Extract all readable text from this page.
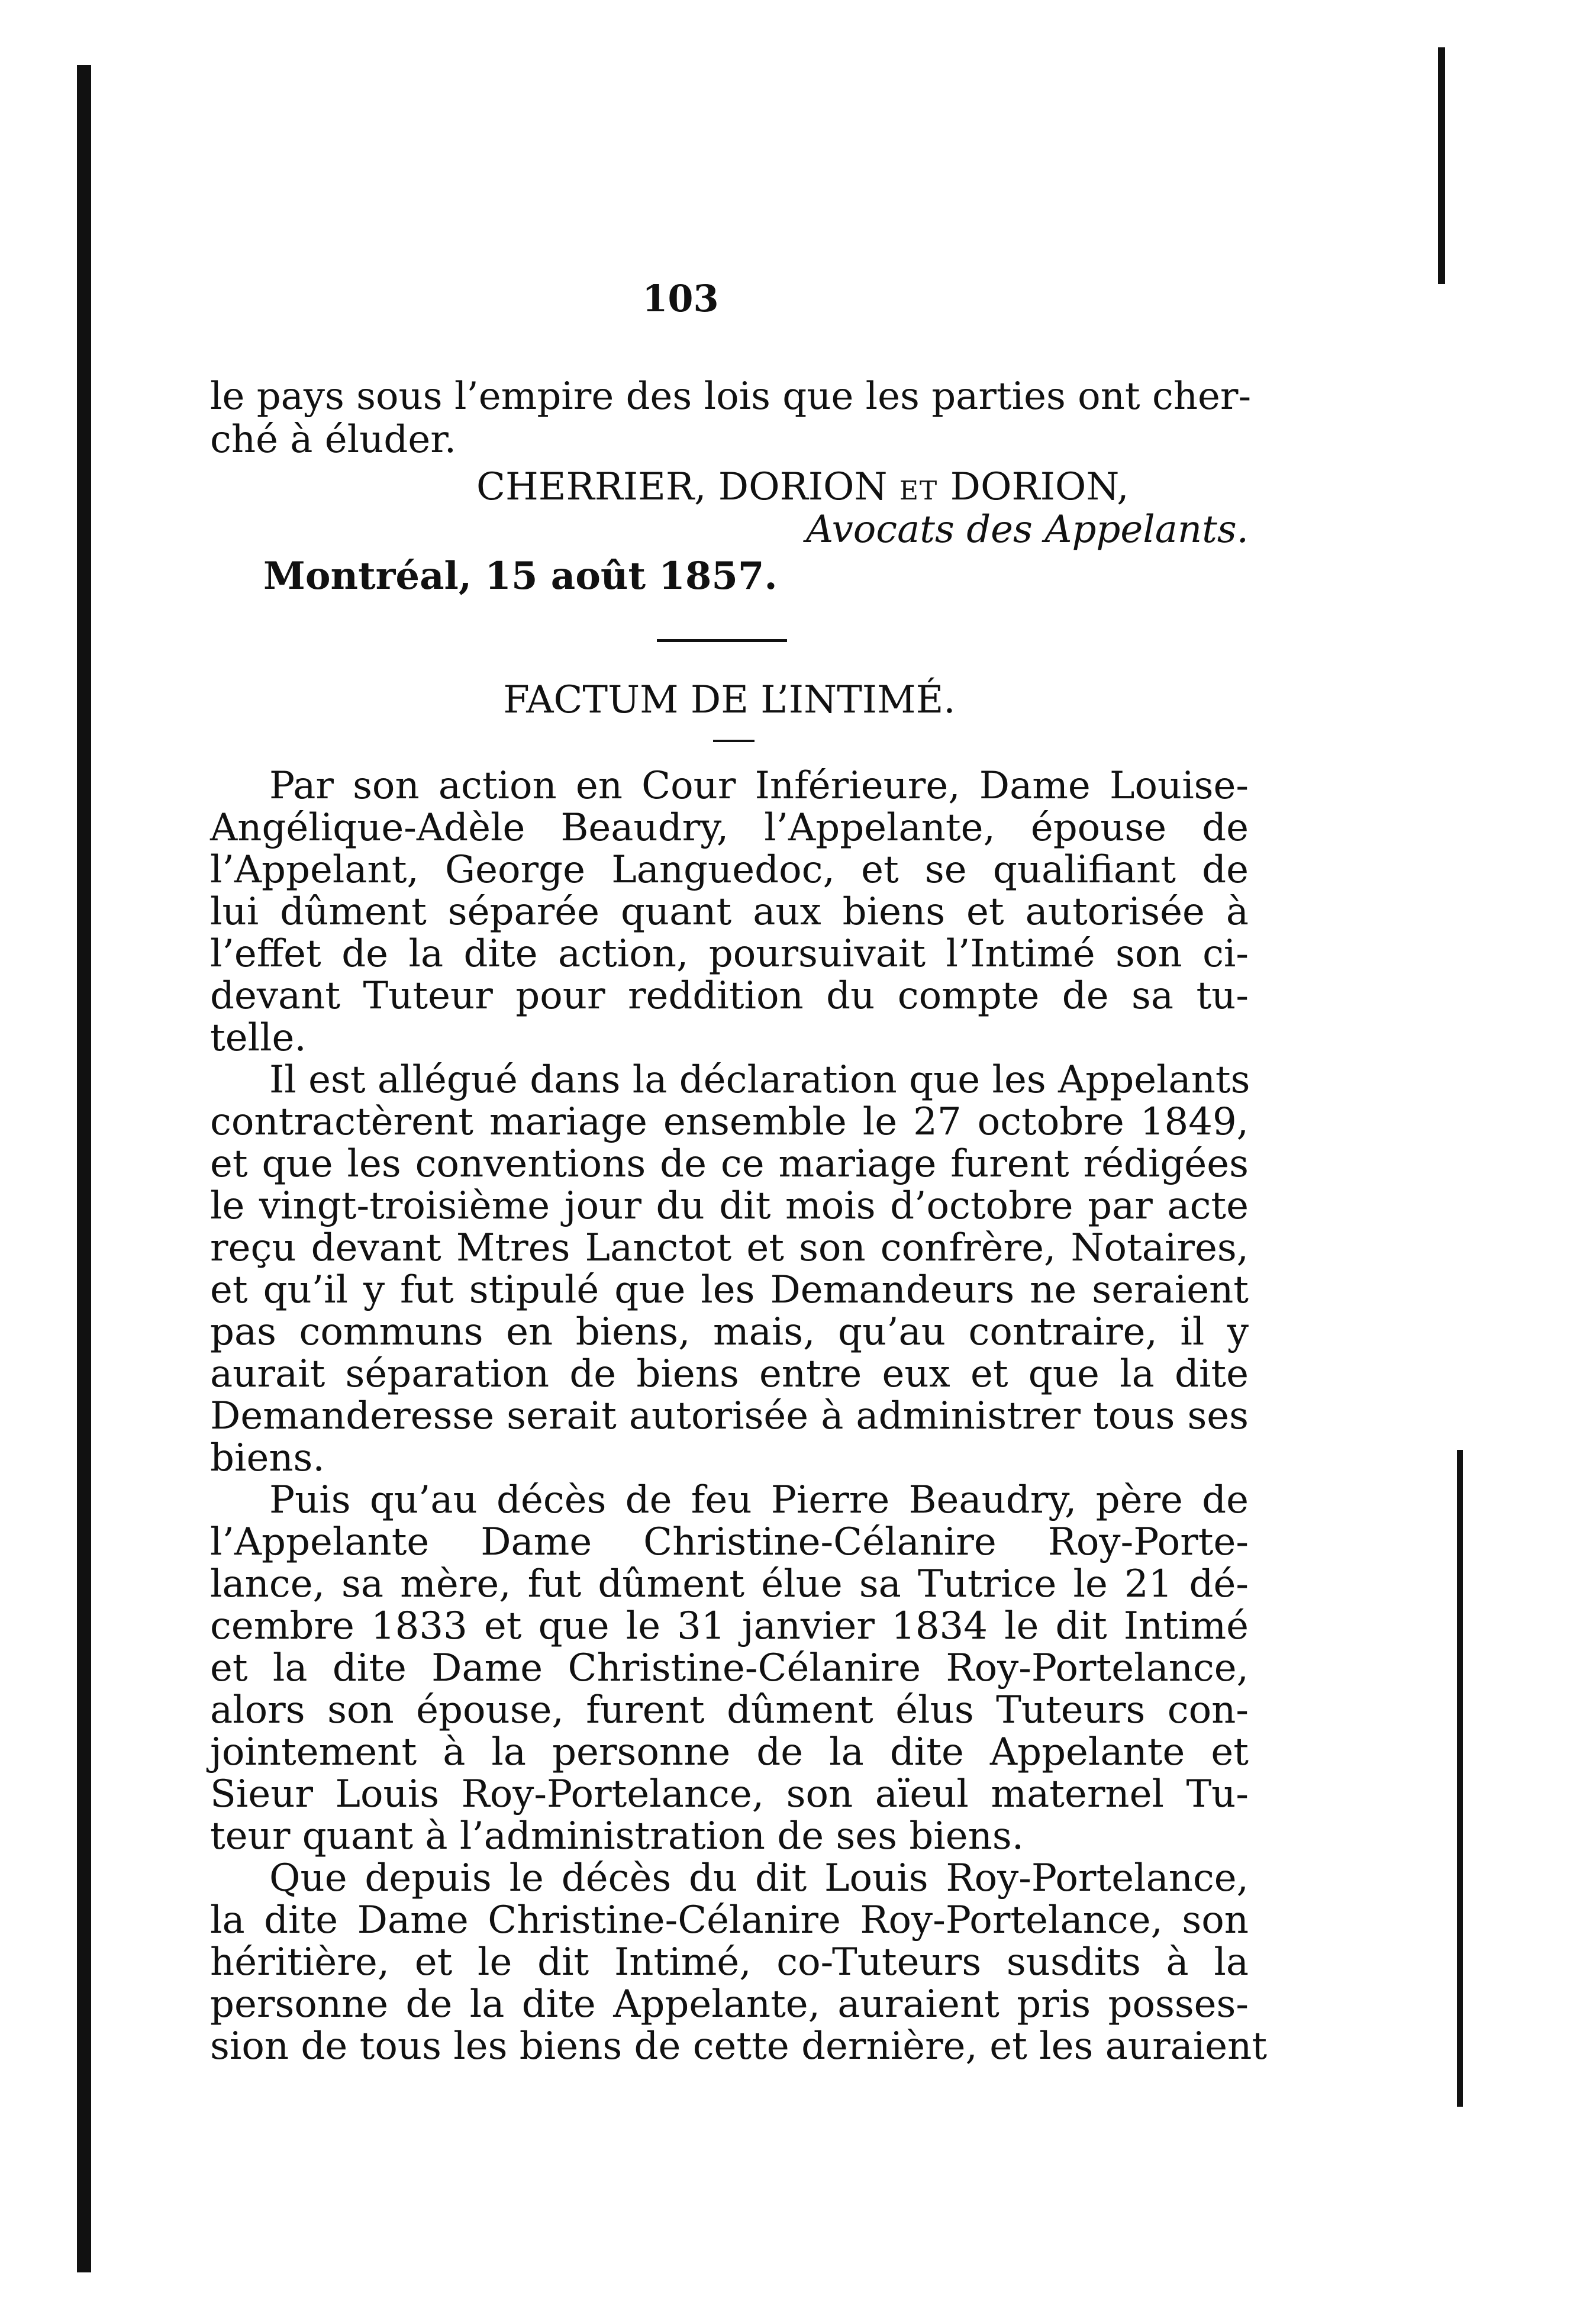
103
le pays sous l’empire des lois que les parties ont cher-
ché à éluder.
CHERRIER, DORION ET DORION,
Avocats des Appelants.
Montréal, 15 août 1857.
FACTUM DE L’INTIMÉ.
Par son action en Cour Inférieure, Dame Louise-
Angélique-Adèle Beaudry, l’Appelante, épouse de
l’Appelant, George Languedoc, et se qualifiant de
lui dûment séparée quant aux biens et autorisée à
l’effet de la dite action, poursuivait l’Intimé son ci-
devant Tuteur pour reddition du compte de sa tu-
telle.
Il est allégué dans la déclaration que les Appelants
contractèrent mariage ensemble le 27 octobre 1849,
et que les conventions de ce mariage furent rédigées
le vingt-troisième jour du dit mois d’octobre par acte
reçu devant Mtres Lanctot et son confrère, Notaires,
et qu’il y fut stipulé que les Demandeurs ne seraient
pas communs en biens, mais, qu’au contraire, il y
aurait séparation de biens entre eux et que la dite
Demanderesse serait autorisée à administrer tous ses
biens.
Puis qu’au décès de feu Pierre Beaudry, père de
l’Appelante Dame Christine-Célanire Roy-Porte-
lance, sa mère, fut dûment élue sa Tutrice le 21 dé-
cembre 1833 et que le 31 janvier 1834 le dit Intimé
et la dite Dame Christine-Célanire Roy-Portelance,
alors son épouse, furent dûment élus Tuteurs con-
jointement à la personne de la dite Appelante et
Sieur Louis Roy-Portelance, son aïeul maternel Tu-
teur quant à l’administration de ses biens.
Que depuis le décès du dit Louis Roy-Portelance,
la dite Dame Christine-Célanire Roy-Portelance, son
héritière, et le dit Intimé, co-Tuteurs susdits à la
personne de la dite Appelante, auraient pris posses-
sion de tous les biens de cette dernière, et les auraient
